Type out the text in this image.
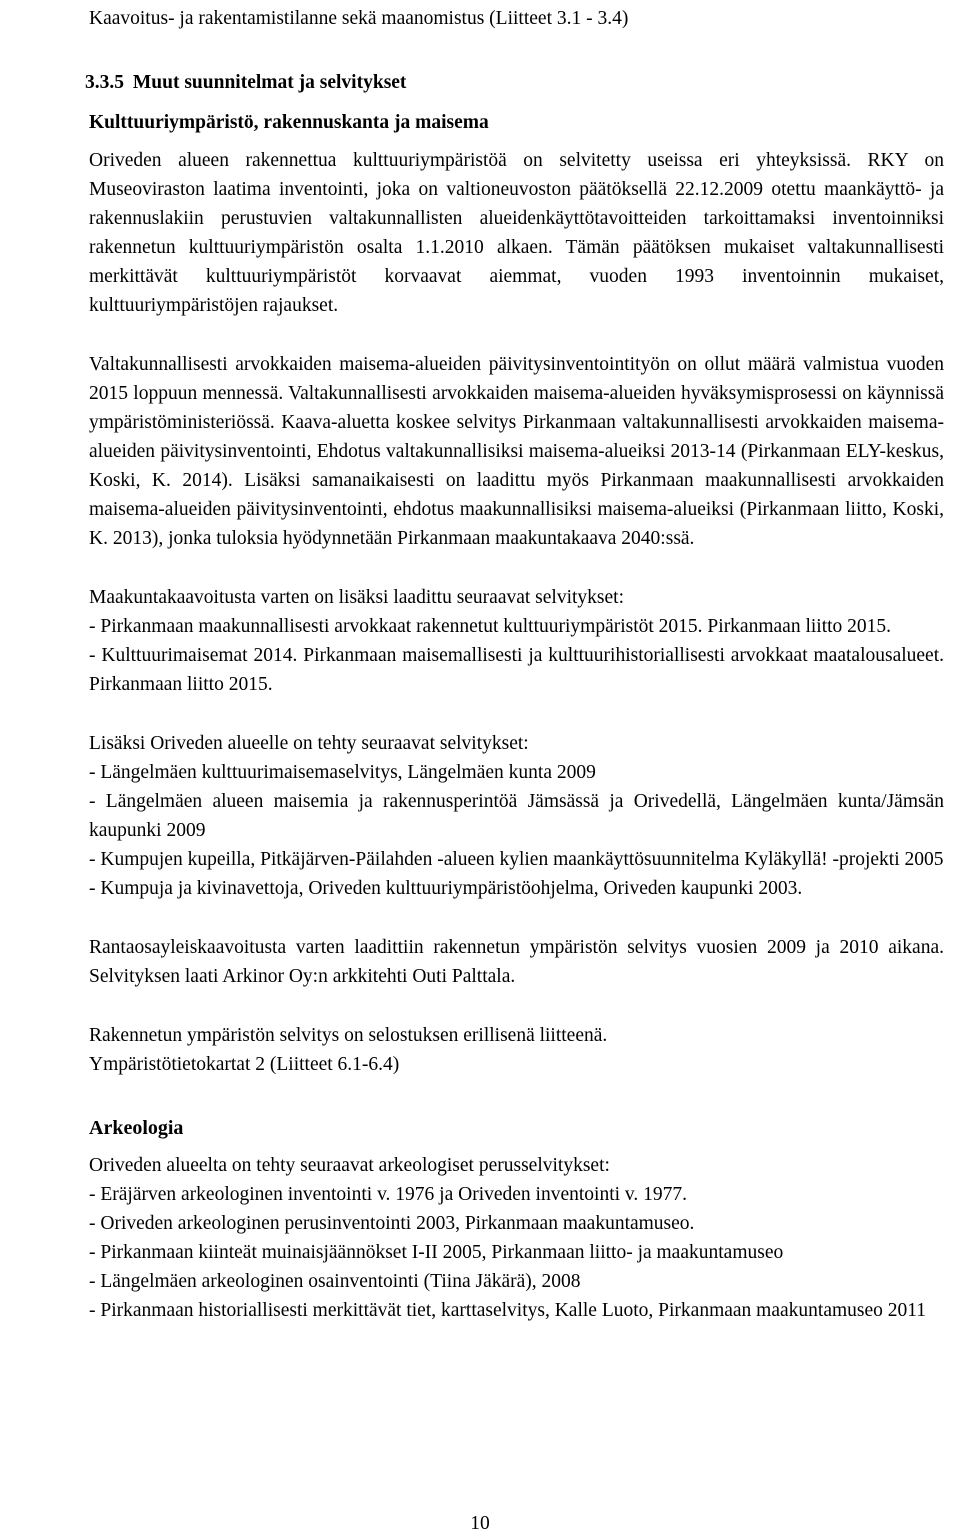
Kaavoitus- ja rakentamistilanne sekä maanomistus (Liitteet 3.1 - 3.4)
3.3.5 Muut suunnitelmat ja selvitykset
Kulttuuriympäristö, rakennuskanta ja maisema

Oriveden alueen rakennettua kulttuuriympäristöä on selvitetty useissa eri yhteyksissä. RKY on Museoviraston laatima inventointi, joka on valtioneuvoston päätöksellä 22.12.2009 otettu maankäyttö- ja rakennuslakiin perustuvien valtakunnallisten alueidenkäyttötavoitteiden tarkoittamaksi inventoinniksi rakennetun kulttuuriympäristön osalta 1.1.2010 alkaen. Tämän päätöksen mukaiset valtakunnallisesti merkittävät kulttuuriympäristöt korvaavat aiemmat, vuoden 1993 inventoinnin mukaiset, kulttuuriympäristöjen rajaukset.

Valtakunnallisesti arvokkaiden maisema-alueiden päivitysinventointityön on ollut määrä valmistua vuoden 2015 loppuun mennessä. Valtakunnallisesti arvokkaiden maisema-alueiden hyväksymisprosessi on käynnissä ympäristöministeriössä. Kaava-aluetta koskee selvitys Pirkanmaan valtakunnallisesti arvokkaiden maisema-alueiden päivitysinventointi, Ehdotus valtakunnallisiksi maisema-alueiksi 2013-14 (Pirkanmaan ELY-keskus, Koski, K. 2014). Lisäksi samanaikaisesti on laadittu myös Pirkanmaan maakunnallisesti arvokkaiden maisema-alueiden päivitysinventointi, ehdotus maakunnallisiksi maisema-alueiksi (Pirkanmaan liitto, Koski, K. 2013), jonka tuloksia hyödynnetään Pirkanmaan maakuntakaava 2040:ssä.

Maakuntakaavoitusta varten on lisäksi laadittu seuraavat selvitykset:

- Pirkanmaan maakunnallisesti arvokkaat rakennetut kulttuuriympäristöt 2015. Pirkanmaan liitto 2015.
- Kulttuurimaisemat 2014. Pirkanmaan maisemallisesti ja kulttuurihistoriallisesti arvokkaat maatalousalueet. Pirkanmaan liitto 2015.

Lisäksi Oriveden alueelle on tehty seuraavat selvitykset:

- Längelmäen kulttuurimaisemaselvitys, Längelmäen kunta 2009
- Längelmäen alueen maisemia ja rakennusperintöä Jämsässä ja Orivedellä, Längelmäen kunta/Jämsän kaupunki 2009
- Kumpujen kupeilla, Pitkäjärven-Päilahden -alueen kylien maankäyttösuunnitelma Kyläkyllä! -projekti 2005
- Kumpuja ja kivinavettoja, Oriveden kulttuuriympäristöohjelma, Oriveden kaupunki 2003.

Rantaosayleiskaavoitusta varten laadittiin rakennetun ympäristön selvitys vuosien 2009 ja 2010 aikana. Selvityksen laati Arkinor Oy:n arkkitehti Outi Palttala.

Rakennetun ympäristön selvitys on selostuksen erillisenä liitteenä.

Ympäristötietokartat 2 (Liitteet 6.1-6.4)

Arkeologia

Oriveden alueelta on tehty seuraavat arkeologiset perusselvitykset:

- Eräjärven arkeologinen inventointi v. 1976 ja Oriveden inventointi v. 1977.
- Oriveden arkeologinen perusinventointi 2003, Pirkanmaan maakuntamuseo.
- Pirkanmaan kiinteät muinaisjäännökset I-II 2005, Pirkanmaan liitto- ja maakuntamuseo
- Längelmäen arkeologinen osainventointi (Tiina Jäkärä), 2008
- Pirkanmaan historiallisesti merkittävät tiet, karttaselvitys, Kalle Luoto, Pirkanmaan maakuntamuseo 2011
10
